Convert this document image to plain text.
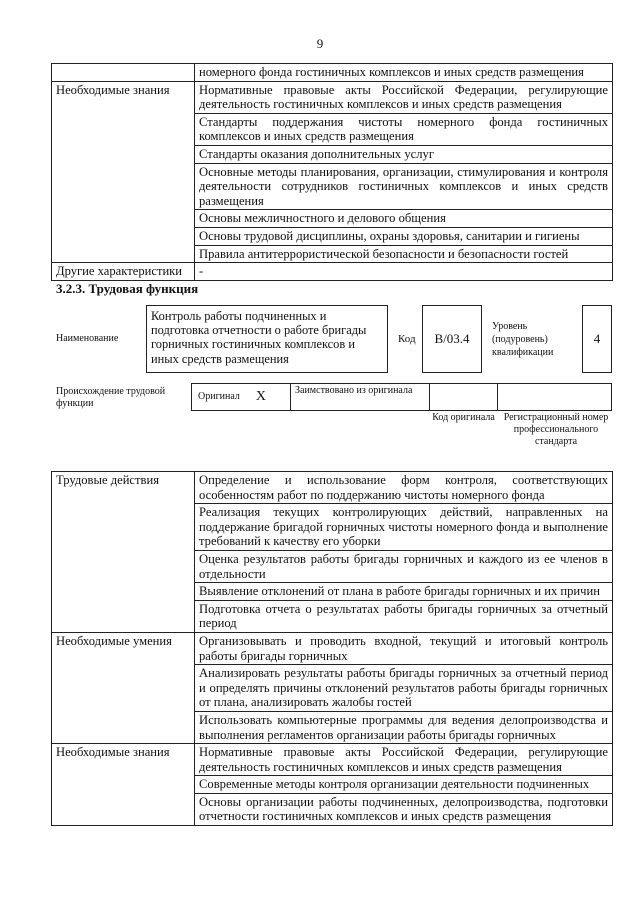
9
	номерного фонда гостиничных комплексов и иных средств размещения
Необходимые знания	Нормативные правовые акты Российской Федерации, регулирующие деятельность гостиничных комплексов и иных средств размещения
	Стандарты поддержания чистоты номерного фонда гостиничных комплексов и иных средств размещения
	Стандарты оказания дополнительных услуг
	Основные методы планирования, организации, стимулирования и контроля деятельности сотрудников гостиничных комплексов и иных средств размещения
	Основы межличностного и делового общения
	Основы трудовой дисциплины, охраны здоровья, санитарии и гигиены
	Правила антитеррористической безопасности и безопасности гостей
Другие характеристики	-
3.2.3. Трудовая функция
Наименование
Контроль работы подчиненных и подготовка отчетности о работе бригады горничных гостиничных комплексов и иных средств размещения
Код	B/03.4
Уровень (подуровень) квалификации
4
Происхождение трудовой функции
Оригинал X	Заимствовано из оригинала
Код оригинала Регистрационный номер профессионального стандарта
Трудовые действия	Определение и использование форм контроля, соответствующих особенностям работ по поддержанию чистоты номерного фонда
	Реализация текущих контролирующих действий, направленных на поддержание бригадой горничных чистоты номерного фонда и выполнение требований к качеству его уборки
	Оценка результатов работы бригады горничных и каждого из ее членов в отдельности
	Выявление отклонений от плана в работе бригады горничных и их причин
	Подготовка отчета о результатах работы бригады горничных за отчетный период
Необходимые умения	Организовывать и проводить входной, текущий и итоговый контроль работы бригады горничных
	Анализировать результаты работы бригады горничных за отчетный период и определять причины отклонений результатов работы бригады горничных от плана, анализировать жалобы гостей
	Использовать компьютерные программы для ведения делопроизводства и выполнения регламентов организации работы бригады горничных
Необходимые знания	Нормативные правовые акты Российской Федерации, регулирующие деятельность гостиничных комплексов и иных средств размещения
	Современные методы контроля организации деятельности подчиненных
	Основы организации работы подчиненных, делопроизводства, подготовки отчетности гостиничных комплексов и иных средств размещения
